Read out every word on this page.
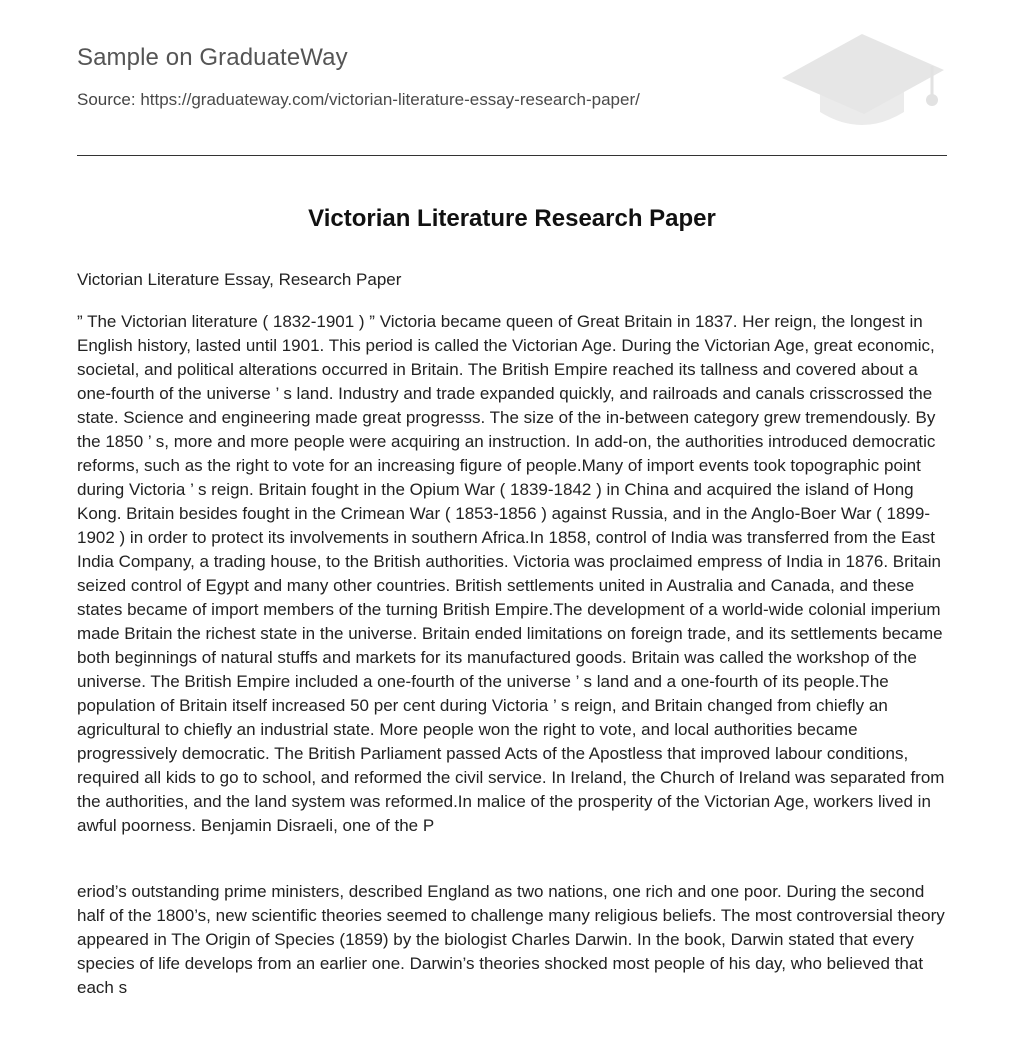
Sample on GraduateWay
Source: https://graduateway.com/victorian-literature-essay-research-paper/
Victorian Literature Research Paper

Victorian Literature Essay, Research Paper

” The Victorian literature ( 1832-1901 ) ” Victoria became queen of Great Britain in 1837. Her reign, the longest in English history, lasted until 1901. This period is called the Victorian Age. During the Victorian Age, great economic, societal, and political alterations occurred in Britain. The British Empire reached its tallness and covered about a one-fourth of the universe ’ s land. Industry and trade expanded quickly, and railroads and canals crisscrossed the state. Science and engineering made great progresss. The size of the in-between category grew tremendously. By the 1850 ’ s, more and more people were acquiring an instruction. In add-on, the authorities introduced democratic reforms, such as the right to vote for an increasing figure of people.Many of import events took topographic point during Victoria ’ s reign. Britain fought in the Opium War ( 1839-1842 ) in China and acquired the island of Hong Kong. Britain besides fought in the Crimean War ( 1853-1856 ) against Russia, and in the Anglo-Boer War ( 1899-1902 ) in order to protect its involvements in southern Africa.In 1858, control of India was transferred from the East India Company, a trading house, to the British authorities. Victoria was proclaimed empress of India in 1876. Britain seized control of Egypt and many other countries. British settlements united in Australia and Canada, and these states became of import members of the turning British Empire.The development of a world-wide colonial imperium made Britain the richest state in the universe. Britain ended limitations on foreign trade, and its settlements became both beginnings of natural stuffs and markets for its manufactured goods. Britain was called the workshop of the universe. The British Empire included a one-fourth of the universe ’ s land and a one-fourth of its people.The population of Britain itself increased 50 per cent during Victoria ’ s reign, and Britain changed from chiefly an agricultural to chiefly an industrial state. More people won the right to vote, and local authorities became progressively democratic. The British Parliament passed Acts of the Apostless that improved labour conditions, required all kids to go to school, and reformed the civil service. In Ireland, the Church of Ireland was separated from the authorities, and the land system was reformed.In malice of the prosperity of the Victorian Age, workers lived in awful poorness. Benjamin Disraeli, one of the P

eriod’s outstanding prime ministers, described England as two nations, one rich and one poor. During the second half of the 1800’s, new scientific theories seemed to challenge many religious beliefs. The most controversial theory appeared in The Origin of Species (1859) by the biologist Charles Darwin. In the book, Darwin stated that every species of life develops from an earlier one. Darwin’s theories shocked most people of his day, who believed that each s
